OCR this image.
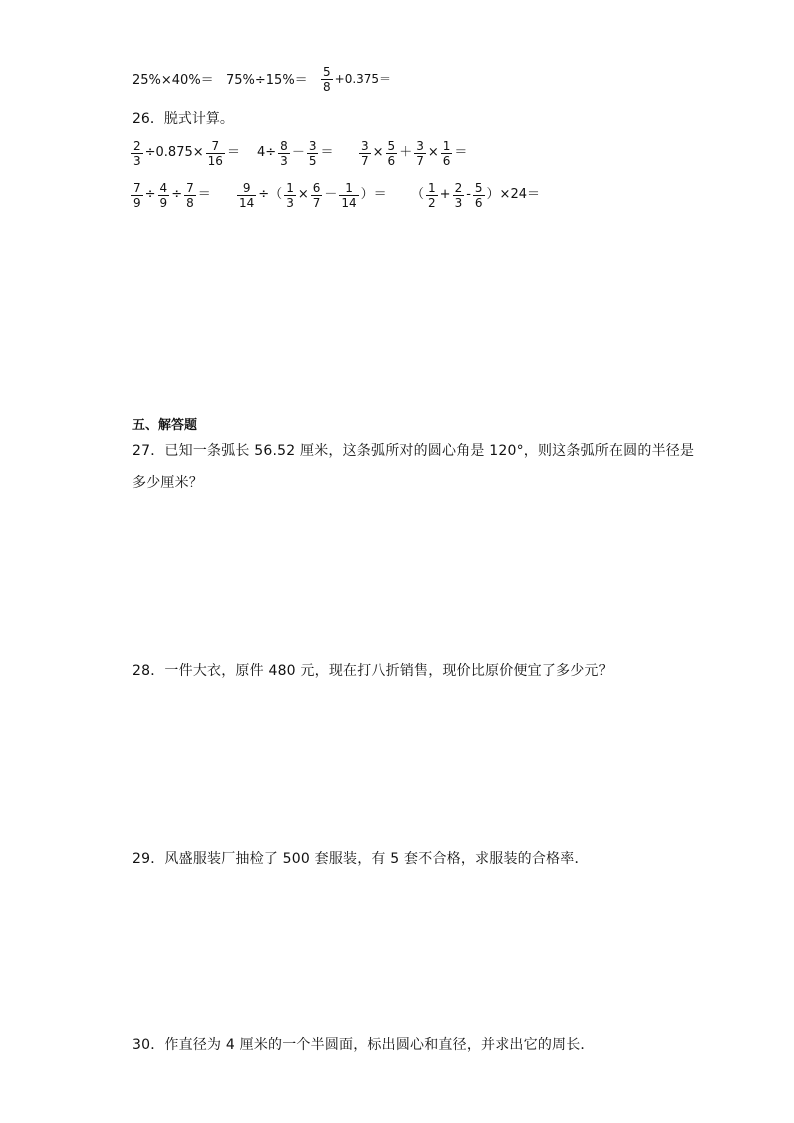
$25\%\times 40\%= 75\%\div 15\%= \frac{5}{8} +0.375=$
26．脱式计算。
$\frac{2}{3} \div 0.875\times \frac{7}{16} = 4\div \frac{8}{3} - \frac{3}{5} = \frac{3}{7} \times \frac{5}{6} + \frac{3}{7} \times \frac{1}{6}$ ＝
$\frac{7}{9} \div \frac{4}{9} \div \frac{7}{8} = \frac{9}{14}$ ÷（ $\frac{1}{3} \times \frac{6}{7} - \frac{1}{14}$ ）＝ （ $\frac{1}{2} + \frac{2}{3} - \frac{5}{6} )\times 24=$
五、解答题
27．已知一条弧长 56.52 厘米，这条弧所对的圆心角是 120°，则这条弧所在圆的半径是
多少厘米？
28．一件大衣，原件 480 元，现在打八折销售，现价比原价便宜了多少元？
29．风盛服装厂抽检了 500 套服装，有 5 套不合格，求服装的合格率．
30．作直径为 4 厘米的一个半圆面，标出圆心和直径，并求出它的周长．
